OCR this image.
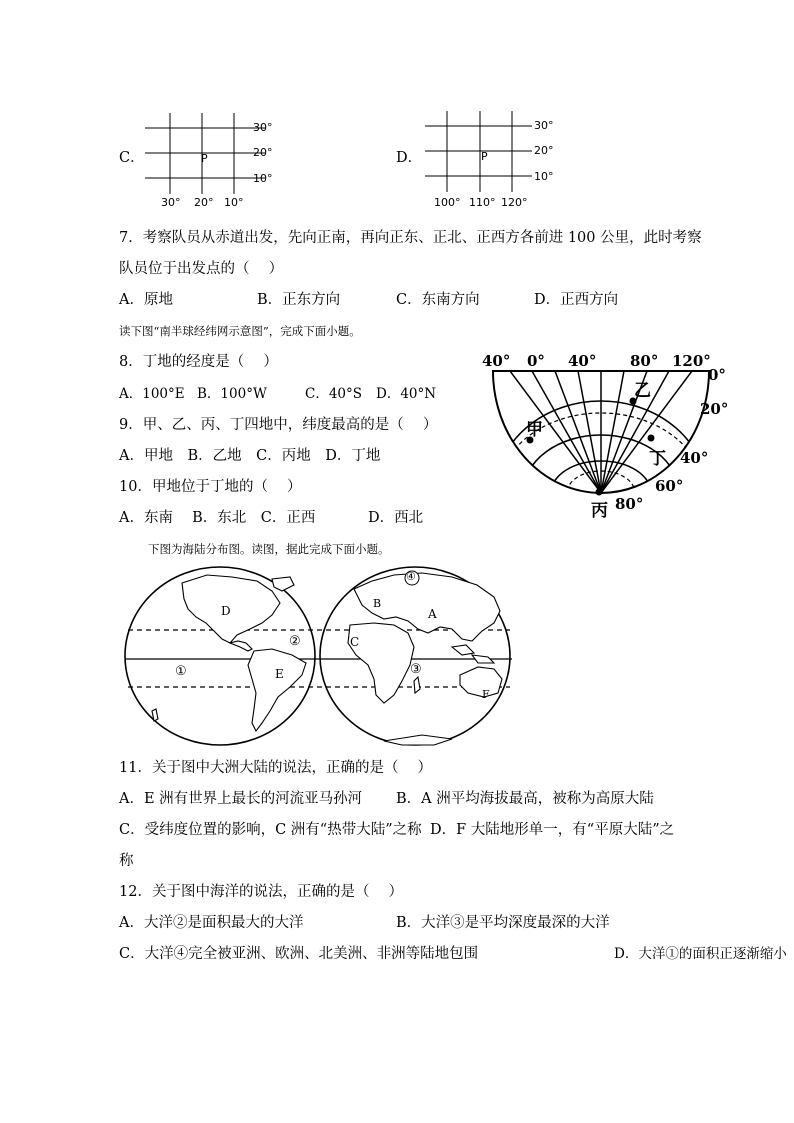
C．
30°
20°
10°
30° 20° 10°
P	D．
30°
20°
10°
100° 110° 120°
P
7．考察队员从赤道出发，先向正南，再向正东、正北、正西方各前进 100 公里，此时考察
队员位于出发点的（　 ）
A．原地	B．正东方向	C．东南方向	D．正西方向
读下图“南半球经纬网示意图”，完成下面小题。
8．丁地的经度是（　 ）
A．100°E B．100°W	C．40°S D．40°N
9．甲、乙、丙、丁四地中，纬度最高的是（　 ）
A．甲地　B．乙地　C．丙地　D．丁地
10．甲地位于丁地的（　 ）
A．东南　 B．东北　C．正西	D．西北
40° 0° 40° 80° 120°
0°
20°
40°
60°
80°
乙
甲
丁
丙
下图为海陆分布图。读图，据此完成下面小题。
D
E
A
B
C
F
①
②
③
④
11．关于图中大洲大陆的说法，正确的是（　 ）
A．E 洲有世界上最长的河流亚马孙河 B．A 洲平均海拔最高，被称为高原大陆
C．受纬度位置的影响，C 洲有“热带大陆”之称 D．F 大陆地形单一，有“平原大陆”之
称
12．关于图中海洋的说法，正确的是（　 ）
A．大洋②是面积最大的大洋	B．大洋③是平均深度最深的大洋
C．大洋④完全被亚洲、欧洲、北美洲、非洲等陆地包围	D．大洋①的面积正逐渐缩小
